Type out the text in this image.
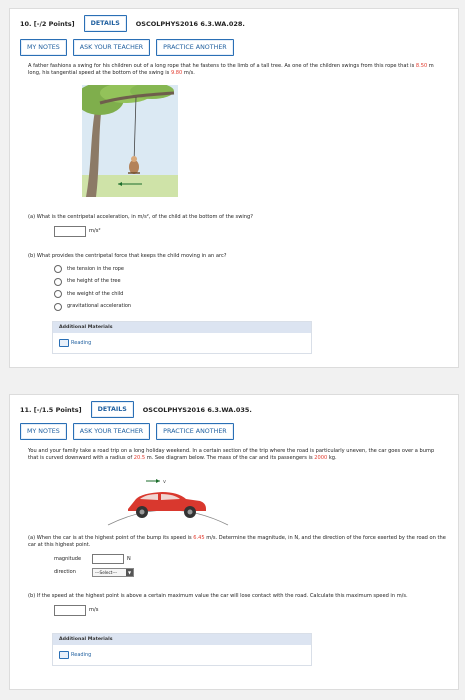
10. [-/2 Points]	DETAILS	OSCOLPHYS2016 6.3.WA.028.
MY NOTES	ASK YOUR TEACHER	PRACTICE ANOTHER
A father fashions a swing for his children out of a long rope that he fastens to the limb of a tall tree. As one of the children swings from this rope that is 8.50 m long, his tangential speed at the bottom of the swing is 9.80 m/s.
(a) What is the centripetal acceleration, in m/s², of the child at the bottom of the swing?
m/s²
(b) What provides the centripetal force that keeps the child moving in an arc?
the tension in the rope
the height of the tree
the weight of the child
gravitational acceleration
Additional Materials
Reading
11. [-/1.5 Points]	DETAILS	OSCOLPHYS2016 6.3.WA.035.
MY NOTES	ASK YOUR TEACHER	PRACTICE ANOTHER
You and your family take a road trip on a long holiday weekend. In a certain section of the trip where the road is particularly uneven, the car goes over a bump that is curved downward with a radius of 20.5 m. See diagram below. The mass of the car and its passengers is 2000 kg.
v
(a) When the car is at the highest point of the bump its speed is 6.45 m/s. Determine the magnitude, in N, and the direction of the force exerted by the road on the car at this highest point.
magnitude	N
direction	---Select---	▼
(b) If the speed at the highest point is above a certain maximum value the car will lose contact with the road. Calculate this maximum speed in m/s.
m/s
Additional Materials
Reading
